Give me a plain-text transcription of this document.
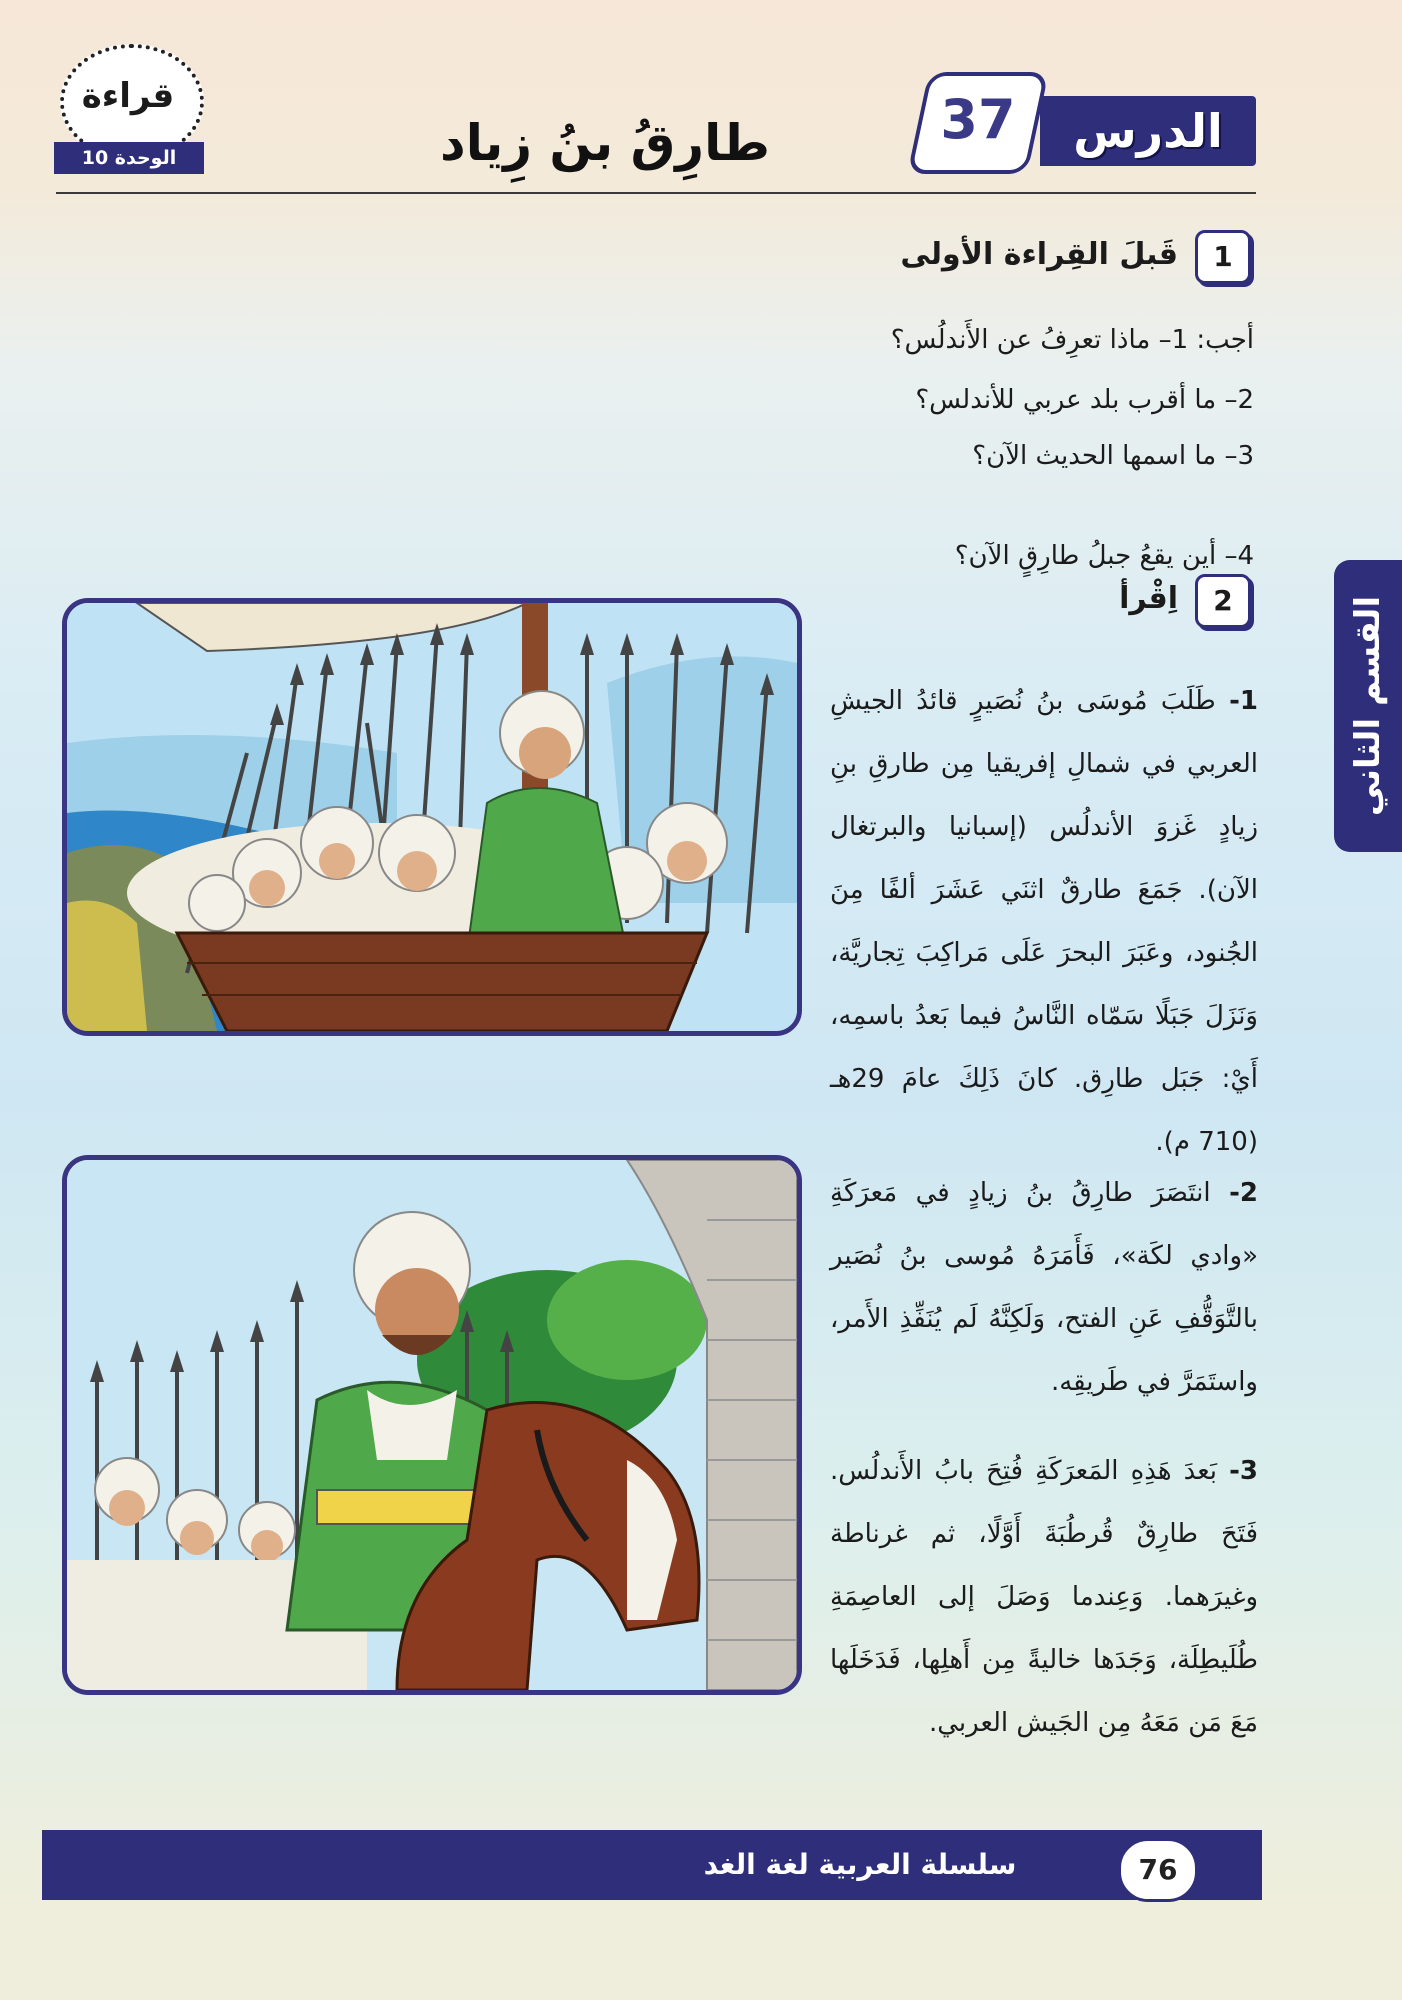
الدرس
37
طارِقُ بنُ زِياد
قراءة
الوحدة 10
القسم الثاني
1
قَبلَ القِراءة الأولى
أجب: 1– ماذا تعرِفُ عن الأَندلُس؟
2– ما أقرب بلد عربي للأندلس؟
3– ما اسمها الحديث الآن؟
4– أين يقعُ جبلُ طارِقٍ الآن؟
2
اِقْرأ
1- طَلَبَ مُوسَى بنُ نُصَيرٍ قائدُ الجيشِ العربي في شمالِ إفريقيا مِن طارقِ بنِ زيادٍ غَزوَ الأندلُس (إسبانيا والبرتغال الآن). جَمَعَ طارقٌ اثنَي عَشَرَ ألفًا مِنَ الجُنود، وعَبَرَ البحرَ عَلَى مَراكِبَ تِجاريَّة، وَنَزَلَ جَبَلًا سَمّاه النَّاسُ فيما بَعدُ باسمِه، أَيْ: جَبَل طارِق. كانَ ذَلِكَ عامَ 29هـ (710 م).
2- انتَصَرَ طارِقُ بنُ زيادٍ في مَعرَكَةِ «وادي لكَة»، فَأَمَرَهُ مُوسى بنُ نُصَير بالتَّوَقُّفِ عَنِ الفتح، وَلَكِنَّهُ لَم يُنَفِّذِ الأَمر، واستَمَرَّ في طَريقِه.
3- بَعدَ هَذِهِ المَعرَكَةِ فُتِحَ بابُ الأَندلُس. فَتَحَ طارِقٌ قُرطُبَةَ أَوَّلًا، ثم غرناطة وغيرَهما. وَعِندما وَصَلَ إلى العاصِمَةِ طُلَيطِلَة، وَجَدَها خاليةً مِن أَهلِها، فَدَخَلَها مَعَ مَن مَعَهُ مِن الجَيش العربي.
سلسلة العربية لغة الغد	76
